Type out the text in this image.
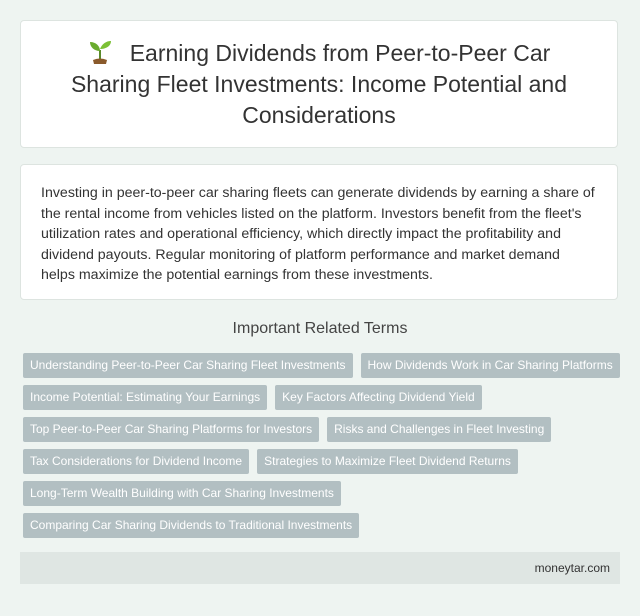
Earning Dividends from Peer-to-Peer Car Sharing Fleet Investments: Income Potential and Considerations

Investing in peer-to-peer car sharing fleets can generate dividends by earning a share of the rental income from vehicles listed on the platform. Investors benefit from the fleet's utilization rates and operational efficiency, which directly impact the profitability and dividend payouts. Regular monitoring of platform performance and market demand helps maximize the potential earnings from these investments.

Important Related Terms
Understanding Peer-to-Peer Car Sharing Fleet Investments	How Dividends Work in Car Sharing Platforms
Income Potential: Estimating Your Earnings	Key Factors Affecting Dividend Yield
Top Peer-to-Peer Car Sharing Platforms for Investors	Risks and Challenges in Fleet Investing
Tax Considerations for Dividend Income	Strategies to Maximize Fleet Dividend Returns
Long-Term Wealth Building with Car Sharing Investments
Comparing Car Sharing Dividends to Traditional Investments
moneytar.com
